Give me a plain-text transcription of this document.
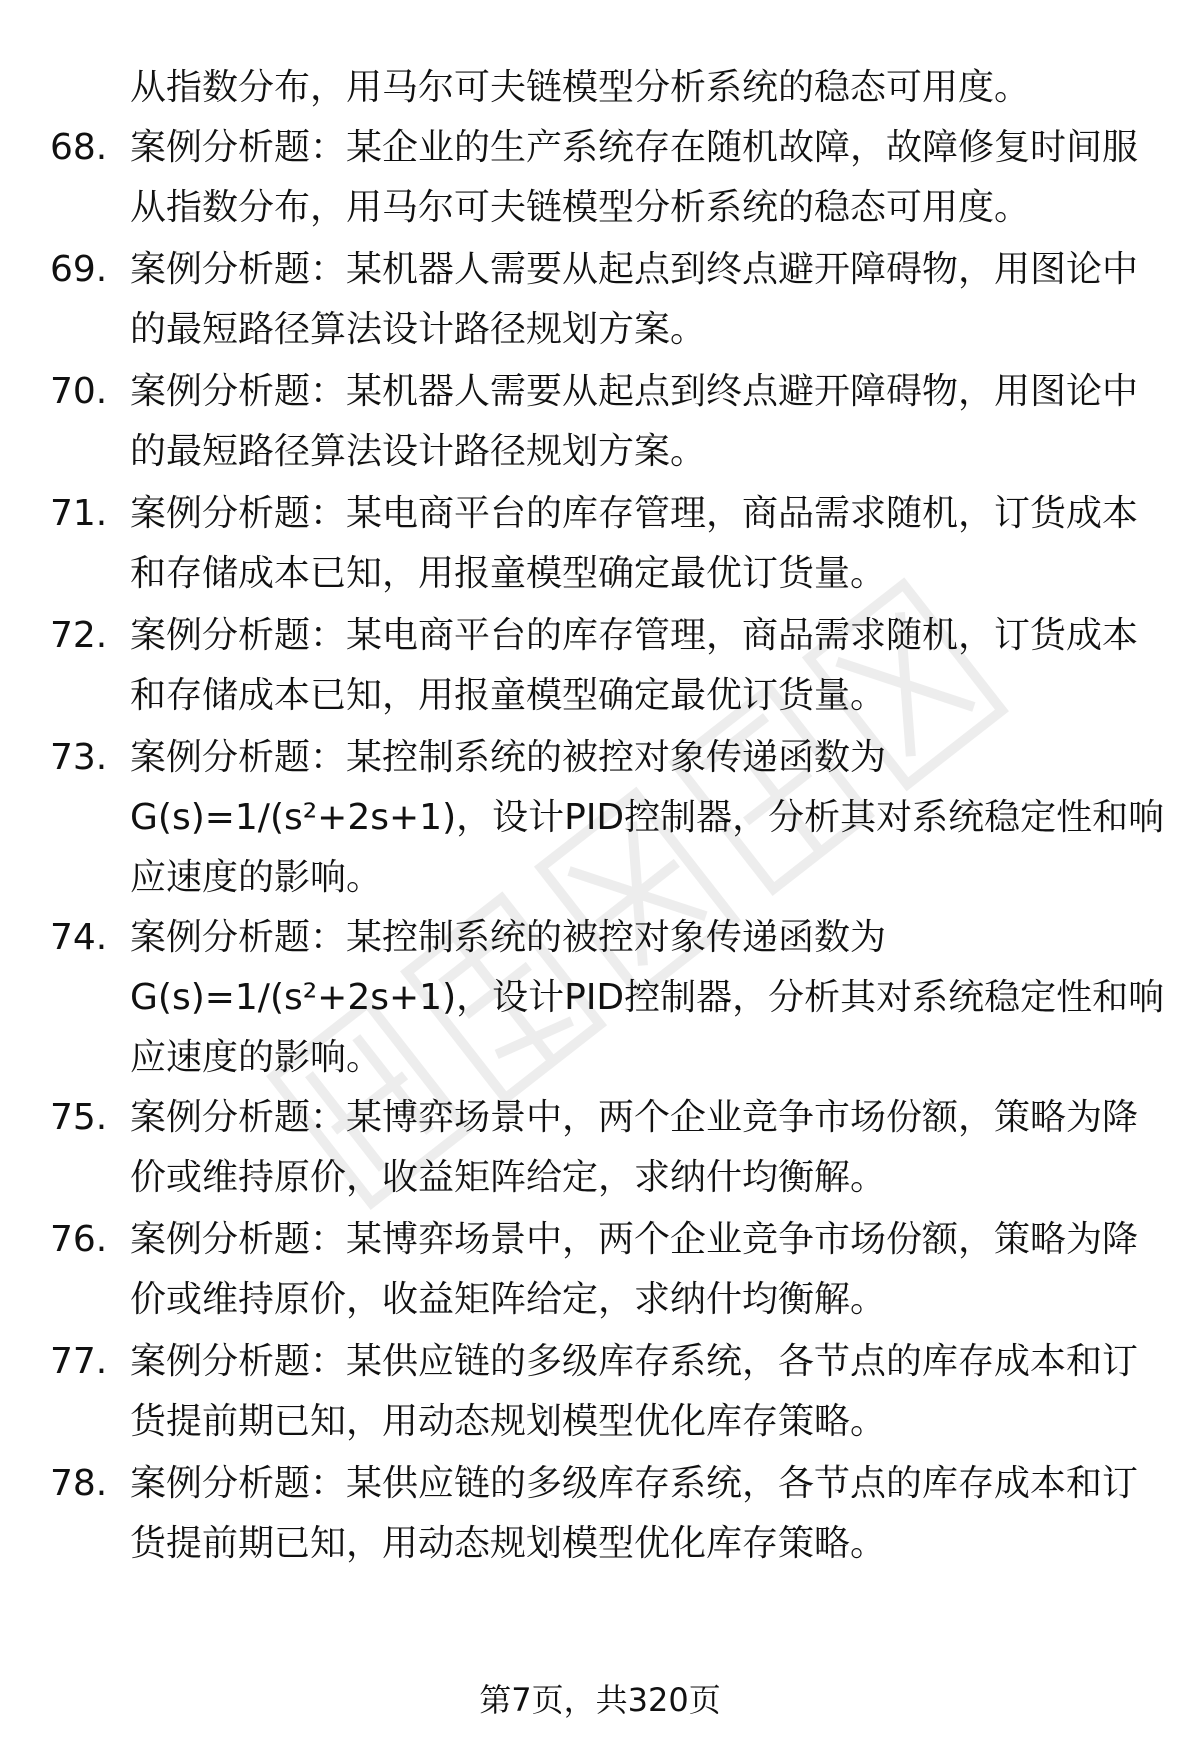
从指数分布，用马尔可夫链模型分析系统的稳态可用度。
68. 案例分析题：某企业的生产系统存在随机故障，故障修复时间服
从指数分布，用马尔可夫链模型分析系统的稳态可用度。
69. 案例分析题：某机器人需要从起点到终点避开障碍物，用图论中
的最短路径算法设计路径规划方案。
70. 案例分析题：某机器人需要从起点到终点避开障碍物，用图论中
的最短路径算法设计路径规划方案。
71. 案例分析题：某电商平台的库存管理，商品需求随机，订货成本
和存储成本已知，用报童模型确定最优订货量。
72. 案例分析题：某电商平台的库存管理，商品需求随机，订货成本
和存储成本已知，用报童模型确定最优订货量。
73. 案例分析题：某控制系统的被控对象传递函数为
G(s)=1/(s²+2s+1)，设计PID控制器，分析其对系统稳定性和响
应速度的影响。
74. 案例分析题：某控制系统的被控对象传递函数为
G(s)=1/(s²+2s+1)，设计PID控制器，分析其对系统稳定性和响
应速度的影响。
75. 案例分析题：某博弈场景中，两个企业竞争市场份额，策略为降
价或维持原价，收益矩阵给定，求纳什均衡解。
76. 案例分析题：某博弈场景中，两个企业竞争市场份额，策略为降
价或维持原价，收益矩阵给定，求纳什均衡解。
77. 案例分析题：某供应链的多级库存系统，各节点的库存成本和订
货提前期已知，用动态规划模型优化库存策略。
78. 案例分析题：某供应链的多级库存系统，各节点的库存成本和订
货提前期已知，用动态规划模型优化库存策略。
第7页，共320页
